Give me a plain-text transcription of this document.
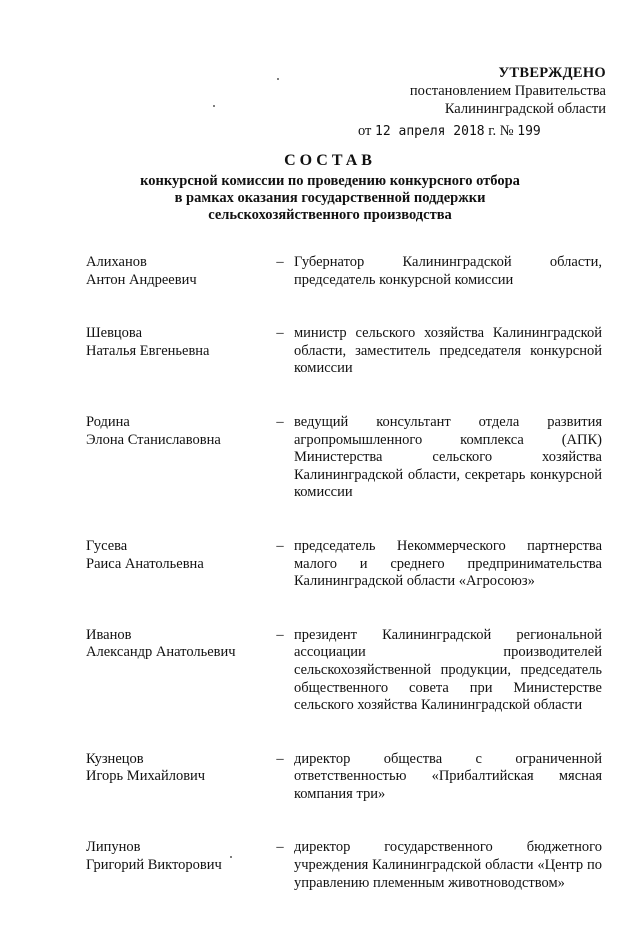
УТВЕРЖДЕНО
постановлением Правительства
Калининградской области
от 12 апреля 2018 г. № 199
СОСТАВ
конкурсной комиссии по проведению конкурсного отбора
в рамках оказания государственной поддержки
сельскохозяйственного производства
Алиханов
Антон Андреевич
– Губернатор Калининградской области, председатель конкурсной комиссии
Шевцова
Наталья Евгеньевна
– министр сельского хозяйства Калининградской области, заместитель председателя конкурсной комиссии
Родина
Элона Станиславовна
– ведущий консультант отдела развития агропромышленного комплекса (АПК) Министерства сельского хозяйства Калининградской области, секретарь конкурсной комиссии
Гусева
Раиса Анатольевна
– председатель Некоммерческого партнерства малого и среднего предпринимательства Калининградской области «Агросоюз»
Иванов
Александр Анатольевич
– президент Калининградской региональной ассоциации производителей сельскохозяйственной продукции, председатель общественного совета при Министерстве сельского хозяйства Калининградской области
Кузнецов
Игорь Михайлович
– директор общества с ограниченной ответственностью «Прибалтийская мясная компания три»
Липунов
Григорий Викторович
– директор государственного бюджетного учреждения Калининградской области «Центр по управлению племенным животноводством»
